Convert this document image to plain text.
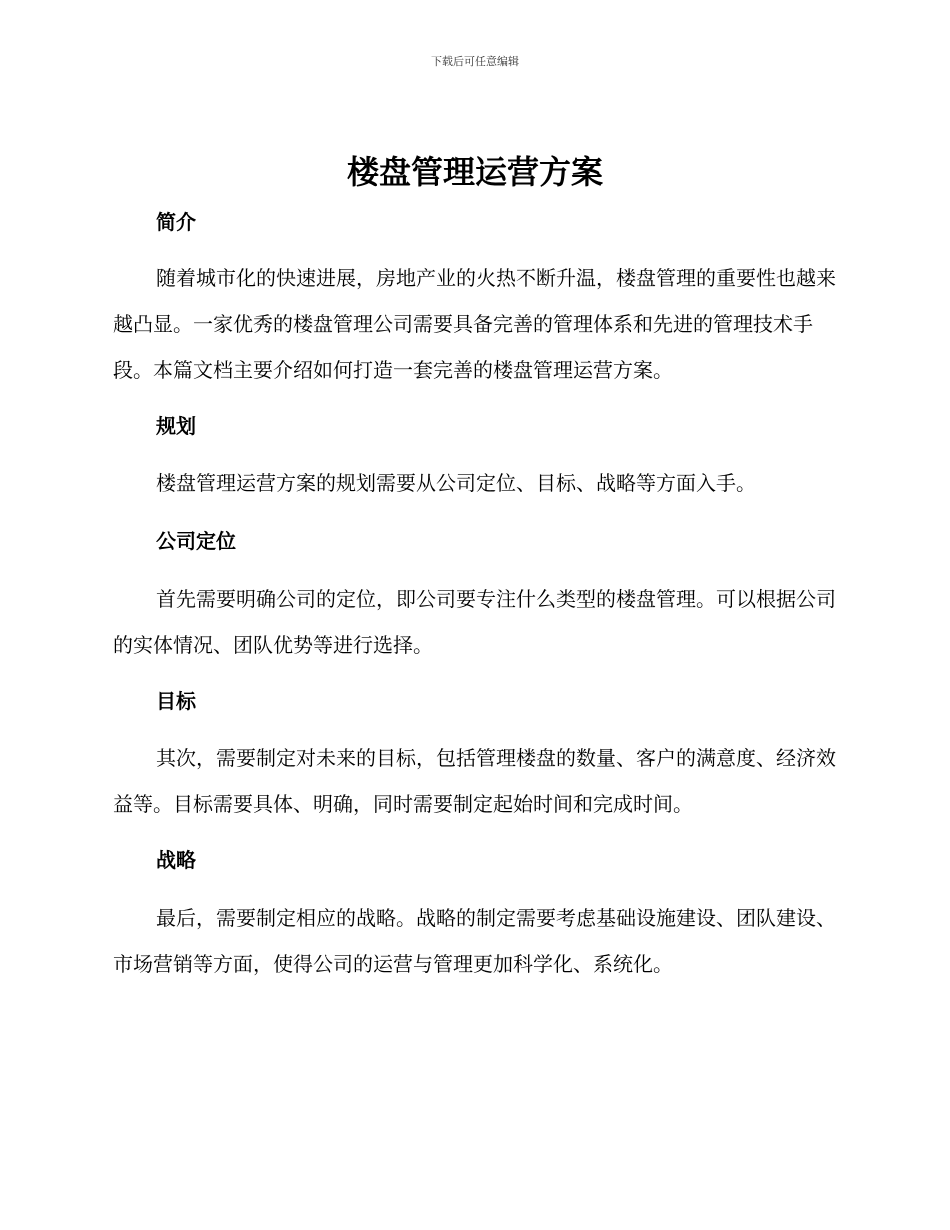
下载后可任意编辑
楼盘管理运营方案
简介

随着城市化的快速进展，房地产业的火热不断升温，楼盘管理的重要性也越来越凸显。一家优秀的楼盘管理公司需要具备完善的管理体系和先进的管理技术手段。本篇文档主要介绍如何打造一套完善的楼盘管理运营方案。

规划

楼盘管理运营方案的规划需要从公司定位、目标、战略等方面入手。

公司定位

首先需要明确公司的定位，即公司要专注什么类型的楼盘管理。可以根据公司的实体情况、团队优势等进行选择。

目标

其次，需要制定对未来的目标，包括管理楼盘的数量、客户的满意度、经济效益等。目标需要具体、明确，同时需要制定起始时间和完成时间。

战略

最后，需要制定相应的战略。战略的制定需要考虑基础设施建设、团队建设、市场营销等方面，使得公司的运营与管理更加科学化、系统化。
